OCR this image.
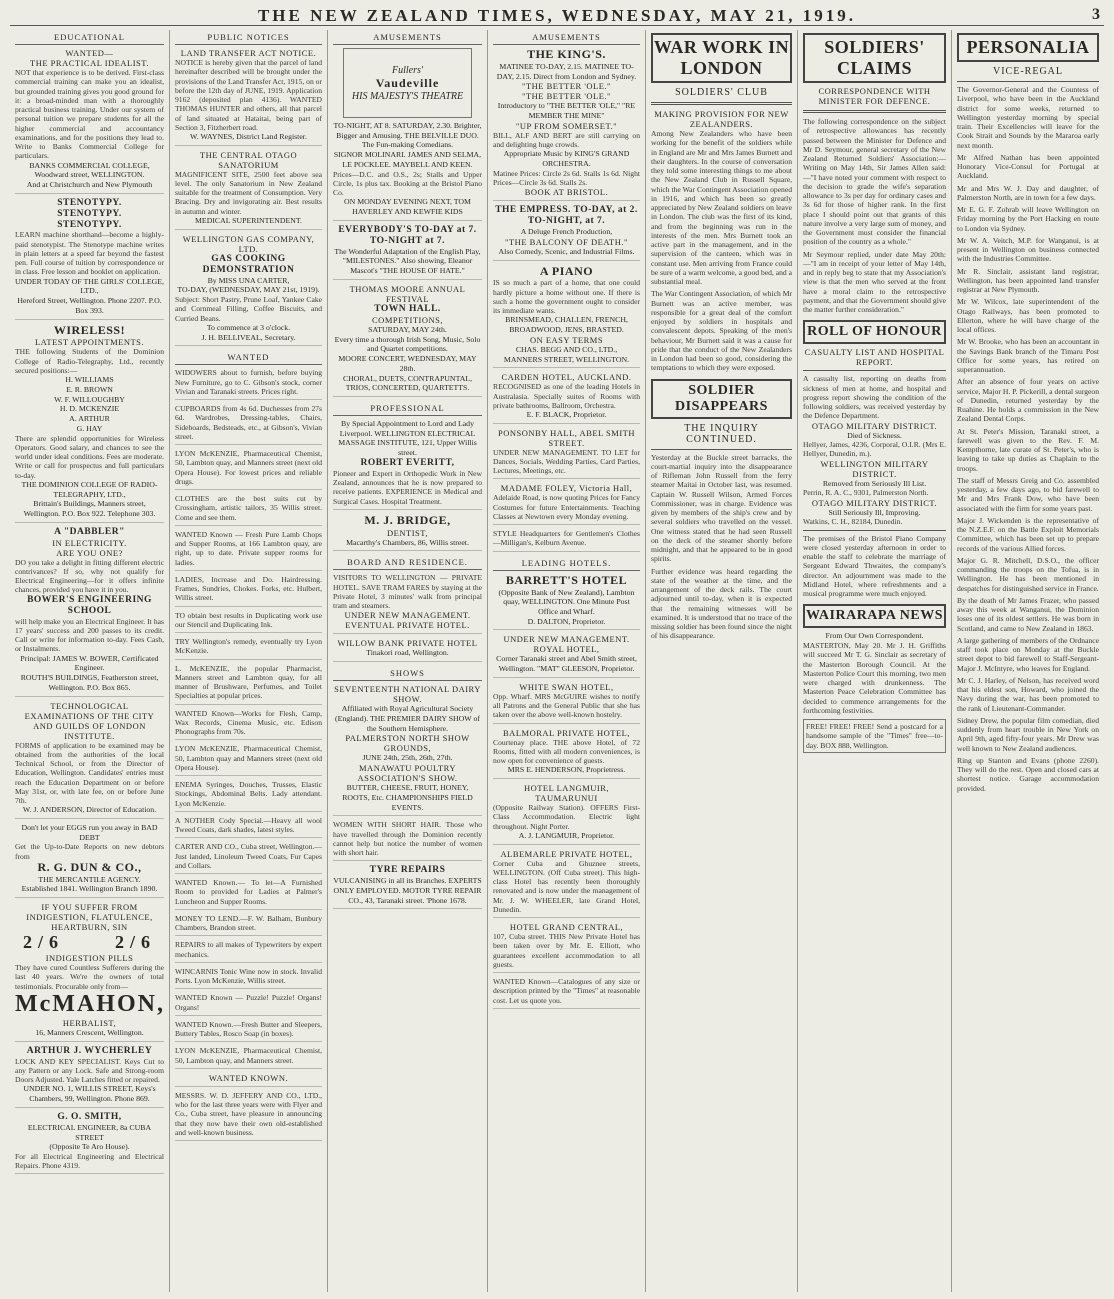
THE NEW ZEALAND TIMES, WEDNESDAY, MAY 21, 1919.	3
EDUCATIONAL
WANTED—
THE PRACTICAL IDEALIST.
NOT that experience is to be derived. First-class commercial training can make you an idealist, but grounded training gives you good ground for it: a broad-minded man with a thoroughly practical business training. Under our system of personal tuition we prepare students for all the higher commercial and accountancy examinations, and for the positions they lead to. Write to Banks Commercial College for particulars.
BANKS COMMERCIAL COLLEGE,
Woodward street, WELLINGTON.
And at Christchurch and New Plymouth
STENOTYPY.
STENOTYPY.
STENOTYPY.
LEARN machine shorthand—become a highly-paid stenotypist. The Stenotype machine writes in plain letters at a speed far beyond the fastest pen. Full course of tuition by correspondence or in class. Free lesson and booklet on application.
UNDER TODAY OF THE GIRLS' COLLEGE, LTD.,
Hereford Street, Wellington. Phone 2207. P.O. Box 393.
WIRELESS!
LATEST APPOINTMENTS.
THE following Students of the Dominion College of Radio-Telegraphy, Ltd., recently secured positions:—
H. WILLIAMS
E. R. BROWN
W. F. WILLOUGHBY
H. D. MCKENZIE
A. ARTHUR
G. HAY
There are splendid opportunities for Wireless Operators. Good salary, and chances to see the world under ideal conditions. Fees are moderate. Write or call for prospectus and full particulars to-day.
THE DOMINION COLLEGE OF RADIO-TELEGRAPHY, LTD.,
Brittain's Buildings, Manners street, Wellington. P.O. Box 922. Telephone 303.
A "DABBLER"
IN ELECTRICITY.
ARE YOU ONE?
DO you take a delight in fitting different electric contrivances? If so, why not qualify for Electrical Engineering—for it offers infinite chances, provided you have it in you.
BOWER'S ENGINEERING SCHOOL
will help make you an Electrical Engineer. It has 17 years' success and 200 passes to its credit. Call or write for information to-day. Fees Cash, or Instalments.
Principal: JAMES W. BOWER, Certificated Engineer.
ROUTH'S BUILDINGS, Featherston street, Wellington. P.O. Box 865.
TECHNOLOGICAL EXAMINATIONS OF THE CITY AND GUILDS OF LONDON INSTITUTE.
FORMS of application to be examined may be obtained from the authorities of the local Technical School, or from the Director of Education, Wellington. Candidates' entries must reach the Education Department on or before May 31st, or, with late fee, on or before June 7th.
W. J. ANDERSON, Director of Education.
Don't let your EGGS run you away in BAD DEBT
Get the Up-to-Date Reports on new debtors from
R. G. DUN & CO.,
THE MERCANTILE AGENCY.
Established 1841. Wellington Branch 1890.
IF YOU SUFFER FROM INDIGESTION, FLATULENCE, HEARTBURN, SIN
2/6	2/6
INDIGESTION PILLS
They have cured Countless Sufferers during the last 40 years. We're the owners of total testimonials. Procurable only from—
McMAHON,
HERBALIST,
16, Manners Crescent, Wellington.
ARTHUR J. WYCHERLEY
LOCK AND KEY SPECIALIST. Keys Cut to any Pattern or any Lock. Safe and Strong-room Doors Adjusted. Yale Latches fitted or repaired.
UNDER NO. 1, WILLIS STREET, Keys's Chambers, 99, Wellington. Phone 869.
G. O. SMITH,
ELECTRICAL ENGINEER, 8a CUBA STREET
(Opposite Te Aro House).
For all Electrical Engineering and Electrical Repairs. Phone 4319.
PUBLIC NOTICES
LAND TRANSFER ACT NOTICE.
NOTICE is hereby given that the parcel of land hereinafter described will be brought under the provisions of the Land Transfer Act, 1915, on or before the 12th day of JUNE, 1919. Application 9162 (deposited plan 4136). WANTED THOMAS HUNTER and others, all that parcel of land situated at Hataitai, being part of Section 3, Fitzherbert road.
W. WAYNES, District Land Register.
THE CENTRAL OTAGO SANATORIUM
MAGNIFICENT SITE, 2500 feet above sea level. The only Sanatorium in New Zealand suitable for the treatment of Consumption. Very Bracing. Dry and invigorating air. Best results in autumn and winter.
MEDICAL SUPERINTENDENT.
WELLINGTON GAS COMPANY, LTD.
GAS COOKING DEMONSTRATION
By MISS UNA CARTER,
TO-DAY, (WEDNESDAY, MAY 21st, 1919).
Subject: Short Pastry, Prune Loaf, Yankee Cake and Cornmeal Filling, Coffee Biscuits, and Curried Beans.
To commence at 3 o'clock.
J. H. BELLIVEAL, Secretary.
WANTED
WIDOWERS about to furnish, before buying New Furniture, go to C. Gibson's stock, corner Vivian and Taranaki streets. Prices right.
CUPBOARDS from 4s 6d. Duchesses from 27s 6d. Wardrobes, Dressing-tables, Chairs, Sideboards, Bedsteads, etc., at Gibson's, Vivian street.
LYON McKENZIE, Pharmaceutical Chemist, 50, Lambton quay, and Manners street (next old Opera House). For lowest prices and reliable drugs.
CLOTHES are the best suits cut by Crossingham, artistic tailors, 35 Willis street. Come and see them.
WANTED Known — Fresh Pure Lamb Chops and Supper Rooms, at 166 Lambton quay, are right, up to date. Private supper rooms for ladies.
LADIES, Increase and Do. Hairdressing. Frames, Sundries, Chokes. Forks, etc. Hulbert, Willis street.
TO obtain best results in Duplicating work use our Stencil and Duplicating Ink.
TRY Wellington's remedy, eventually try Lyon McKenzie.
L. McKENZIE, the popular Pharmacist, Manners street and Lambton quay, for all manner of Brushware, Perfumes, and Toilet Specialties at popular prices.
WANTED Known—Works for Flesh, Camp, Wax Records, Cinema Music, etc. Edison Phonographs from 70s.
LYON McKENZIE, Pharmaceutical Chemist, 50, Lambton quay and Manners street (next old Opera House).
ENEMA Syringes, Douches, Trusses, Elastic Stockings, Abdominal Belts. Lady attendant. Lyon McKenzie.
A NOTHER Cody Special.—Heavy all wool Tweed Coats, dark shades, latest styles.
CARTER AND CO., Cuba street, Wellington.—Just landed, Linoleum Tweed Coats, Fur Capes and Collars.
WANTED Known.— To let—A Furnished Room to provided for Ladies at Palmer's Luncheon and Supper Rooms.
MONEY TO LEND.—F. W. Balham, Bunbury Chambers, Brandon street.
REPAIRS to all makes of Typewriters by expert mechanics.
WINCARNIS Tonic Wine now in stock. Invalid Ports. Lyon McKenzie, Willis street.
WANTED Known — Puzzle! Puzzle! Organs! Organs!
WANTED Known.—Fresh Butter and Sleepers, Buttery Tables, Rosco Soap (in boxes).
LYON McKENZIE, Pharmaceutical Chemist, 50, Lambton quay, and Manners street.
WANTED KNOWN.
MESSRS. W. D. JEFFERY AND CO., LTD., who for the last three years were with Flyer and Co., Cuba street, have pleasure in announcing that they now have their own old-established and well-known business.
AMUSEMENTS
Fullers'
Vaudeville
HIS MAJESTY'S THEATRE
TO-NIGHT, AT 8. SATURDAY, 2.30. Brighter, Bigger and Amusing. THE BELVILLE DUO. The Fun-making Comedians.
SIGNOR MOLINARI. JAMES AND SELMA, LE POCKLEE. MAYBELL AND KEEN.
Prices—D.C. and O.S., 2s; Stalls and Upper Circle, 1s plus tax. Booking at the Bristol Piano Co.
ON MONDAY EVENING NEXT, TOM HAVERLEY AND KEWFIE KIDS
EVERYBODY'S TO-DAY at 7. TO-NIGHT at 7.
The Wonderful Adaptation of the English Play, "MILESTONES." Also showing, Eleanor Mascot's "THE HOUSE OF HATE."
THOMAS MOORE ANNUAL FESTIVAL
TOWN HALL.
COMPETITIONS,
SATURDAY, MAY 24th.
Every time a thorough Irish Song, Music, Solo and Quartet competitions.
MOORE CONCERT, WEDNESDAY, MAY 28th.
CHORAL, DUETS, CONTRAPUNTAL, TRIOS, CONCERTED, QUARTETTS.
PROFESSIONAL
By Special Appointment to Lord and Lady Liverpool. WELLINGTON ELECTRICAL MASSAGE INSTITUTE, 121, Upper Willis street.
ROBERT EVERITT,
Pioneer and Expert in Orthopedic Work in New Zealand, announces that he is now prepared to receive patients. EXPERIENCE in Medical and Surgical Cases. Hospital Treatment.
M. J. BRIDGE,
DENTIST,
Macarthy's Chambers, 86, Willis street.
BOARD AND RESIDENCE.
VISITORS TO WELLINGTON — PRIVATE HOTEL. SAVE TRAM FARES by staying at the Private Hotel, 3 minutes' walk from principal tram and steamers.
UNDER NEW MANAGEMENT.
EVENTUAL PRIVATE HOTEL.
WILLOW BANK PRIVATE HOTEL
Tinakori road, Wellington.
SHOWS
SEVENTEENTH NATIONAL DAIRY SHOW.
Affiliated with Royal Agricultural Society (England). THE PREMIER DAIRY SHOW of the Southern Hemisphere.
PALMERSTON NORTH SHOW GROUNDS,
JUNE 24th, 25th, 26th, 27th.
MANAWATU POULTRY ASSOCIATION'S SHOW.
BUTTER, CHEESE, FRUIT, HONEY, ROOTS, Etc. CHAMPIONSHIPS FIELD EVENTS.
WOMEN WITH SHORT HAIR. Those who have travelled through the Dominion recently cannot help but notice the number of women with short hair.
TYRE REPAIRS
VULCANISING in all its Branches. EXPERTS ONLY EMPLOYED. MOTOR TYRE REPAIR CO., 43, Taranaki street. 'Phone 1678.
AMUSEMENTS
THE KING'S.
MATINEE TO-DAY, 2.15. MATINEE TO-DAY, 2.15. Direct from London and Sydney.
"THE BETTER 'OLE."
"THE BETTER 'OLE."
Introductory to "THE BETTER 'OLE," "RE MEMBER THE MINE"
"UP FROM SOMERSET."
BILL, ALF AND BERT are still carrying on and delighting huge crowds.
Appropriate Music by KING'S GRAND ORCHESTRA.
Matinee Prices: Circle 2s 6d. Stalls 1s 6d. Night Prices—Circle 3s 6d. Stalls 2s.
BOOK AT BRISTOL.
THE EMPRESS. TO-DAY, at 2. TO-NIGHT, at 7.
A Deluge French Production,
"THE BALCONY OF DEATH."
Also Comedy, Scenic, and Industrial Films.
A PIANO
IS so much a part of a home, that one could hardly picture a home without one. If there is such a home the government ought to consider its immediate wants.
BRINSMEAD, CHALLEN, FRENCH, BROADWOOD, JENS, BRASTED.
ON EASY TERMS
CHAS. BEGG AND CO., LTD.,
MANNERS STREET, WELLINGTON.
CARDEN HOTEL, AUCKLAND.
RECOGNISED as one of the leading Hotels in Australasia. Specially suites of Rooms with private bathrooms, Ballroom, Orchestra.
E. F. BLACK, Proprietor.
PONSONBY HALL, ABEL SMITH STREET.
UNDER NEW MANAGEMENT. TO LET for Dances, Socials, Wedding Parties, Card Parties, Lectures, Meetings, etc.
MADAME FOLEY, Victoria Hall,
Adelaide Road, is now quoting Prices for Fancy Costumes for future Entertainments. Teaching Classes at Newtown every Monday evening.
STYLE Headquarters for Gentlemen's Clothes—Milligan's, Kelburn Avenue.
LEADING HOTELS.
BARRETT'S HOTEL
(Opposite Bank of New Zealand), Lambton quay, WELLINGTON. One Minute Post Office and Wharf.
D. DALTON, Proprietor.
UNDER NEW MANAGEMENT. ROYAL HOTEL,
Corner Taranaki street and Abel Smith street, Wellington. "MAT" GLEESON, Proprietor.
WHITE SWAN HOTEL,
Opp. Wharf. MRS McGUIRE wishes to notify all Patrons and the General Public that she has taken over the above well-known hostelry.
BALMORAL PRIVATE HOTEL,
Courtenay place. THE above Hotel, of 72 Rooms, fitted with all modern conveniences, is now open for convenience of guests.
MRS E. HENDERSON, Proprietress.
HOTEL LANGMUIR, TAUMARUNUI
(Opposite Railway Station). OFFERS First-Class Accommodation. Electric light throughout. Night Porter.
A. J. LANGMUIR, Proprietor.
ALBEMARLE PRIVATE HOTEL,
Corner Cuba and Ghuznee streets, WELLINGTON. (Off Cuba street). This high-class Hotel has recently been thoroughly renovated and is now under the management of Mr. J. W. WHEELER, late Grand Hotel, Dunedin.
HOTEL GRAND CENTRAL,
107, Cuba street. THIS New Private Hotel has been taken over by Mr. E. Elliott, who guarantees excellent accommodation to all guests.
WANTED Known—Catalogues of any size or description printed by the "Times" at reasonable cost. Let us quote you.
WAR WORK IN LONDON
SOLDIERS' CLUB
MAKING PROVISION FOR NEW ZEALANDERS.
Among New Zealanders who have been working for the benefit of the soldiers while in England are Mr and Mrs James Burnett and their daughters. In the course of conversation they told some interesting things to me about the New Zealand Club in Russell Square, which the War Contingent Association opened in 1916, and which has been so greatly appreciated by New Zealand soldiers on leave in London. The club was the first of its kind, and from the beginning was run in the interests of the men. Mrs Burnett took an active part in the management, and in the supervision of the canteen, which was in constant use. Men arriving from France could be sure of a warm welcome, a good bed, and a substantial meal.
The War Contingent Association, of which Mr Burnett was an active member, was responsible for a great deal of the comfort enjoyed by soldiers in hospitals and convalescent depots. Speaking of the men's behaviour, Mr Burnett said it was a cause for pride that the conduct of the New Zealanders in London had been so good, considering the temptations to which they were exposed.
SOLDIER DISAPPEARS
THE INQUIRY CONTINUED.
Yesterday at the Buckle street barracks, the court-martial inquiry into the disappearance of Rifleman John Russell from the ferry steamer Maitai in October last, was resumed. Captain W. Russell Wilson, Armed Forces Commissioner, was in charge. Evidence was given by members of the ship's crew and by several soldiers who travelled on the vessel. One witness stated that he had seen Russell on the deck of the steamer shortly before midnight, and that he appeared to be in good spirits.
Further evidence was heard regarding the state of the weather at the time, and the arrangement of the deck rails. The court adjourned until to-day, when it is expected that the remaining witnesses will be examined. It is understood that no trace of the missing soldier has been found since the night of his disappearance.
SOLDIERS' CLAIMS
CORRESPONDENCE WITH MINISTER FOR DEFENCE.
The following correspondence on the subject of retrospective allowances has recently passed between the Minister for Defence and Mr D. Seymour, general secretary of the New Zealand Returned Soldiers' Association:— Writing on May 14th, Sir James Allen said:—"I have noted your comment with respect to the decision to grade the wife's separation allowance to 3s per day for ordinary cases and 3s 6d for those of higher rank. In the first place I should point out that grants of this nature involve a very large sum of money, and the Government must consider the financial position of the country as a whole."
Mr Seymour replied, under date May 20th:—"I am in receipt of your letter of May 14th, and in reply beg to state that my Association's view is that the men who served at the front have a moral claim to the retrospective payment, and that the Government should give the matter further consideration."
ROLL OF HONOUR
CASUALTY LIST AND HOSPITAL REPORT.
A casualty list, reporting on deaths from sickness of men at home, and hospital and progress report showing the condition of the following soldiers, was received yesterday by the Defence Department.
OTAGO MILITARY DISTRICT.
Died of Sickness.
Hellyer, James, 4236, Corporal, O.I.R. (Mrs E. Hellyer, Dunedin, m.).
WELLINGTON MILITARY DISTRICT.
Removed from Seriously Ill List.
Perrin, R. A. C., 9301, Palmerston North.
OTAGO MILITARY DISTRICT.
Still Seriously Ill, Improving.
Watkins, C. H., 82184, Dunedin.
The premises of the Bristol Piano Company were closed yesterday afternoon in order to enable the staff to celebrate the marriage of Sergeant Edward Thwaites, the company's director. An adjournment was made to the Midland Hotel, where refreshments and a musical programme were much enjoyed.
WAIRARAPA NEWS
From Our Own Correspondent.
MASTERTON, May 20. Mr J. H. Griffiths will succeed Mr T. G. Sinclair as secretary of the Masterton Borough Council. At the Masterton Police Court this morning, two men were charged with drunkenness. The Masterton Peace Celebration Committee has decided to commence arrangements for the forthcoming festivities.
FREE! FREE! FREE! Send a postcard for a handsome sample of the "Times" free—to-day. BOX 888, Wellington.
PERSONALIA
VICE-REGAL
The Governor-General and the Countess of Liverpool, who have been in the Auckland district for some weeks, returned to Wellington yesterday morning by special train. Their Excellencies will leave for the Cook Strait and Sounds by the Mararoa early next month.
Mr Alfred Nathan has been appointed Honorary Vice-Consul for Portugal at Auckland.
Mr and Mrs W. J. Day and daughter, of Palmerston North, are in town for a few days.
Mr E. G. F. Zohrab will leave Wellington on Friday morning by the Port Hacking en route to London via Sydney.
Mr W. A. Veitch, M.P. for Wanganui, is at present in Wellington on business connected with the Industries Committee.
Mr R. Sinclair, assistant land registrar, Wellington, has been appointed land transfer registrar at New Plymouth.
Mr W. Wilcox, late superintendent of the Otago Railways, has been promoted to Ellerton, where he will have charge of the local offices.
Mr W. Brooke, who has been an accountant in the Savings Bank branch of the Timaru Post Office for some years, has retired on superannuation.
After an absence of four years on active service, Major H. P. Pickerill, a dental surgeon of Dunedin, returned yesterday by the Ruahine. He holds a commission in the New Zealand Dental Corps.
At St. Peter's Mission, Taranaki street, a farewell was given to the Rev. F. M. Kempthorne, late curate of St. Peter's, who is leaving to take up duties as Chaplain to the troops.
The staff of Messrs Greig and Co. assembled yesterday, a few days ago, to bid farewell to Mr and Mrs Frank Dow, who have been associated with the firm for some years past.
Major J. Wickenden is the representative of the N.Z.E.F. on the Battle Exploit Memorials Committee, which has been set up to prepare records of the various Allied forces.
Major G. R. Mitchell, D.S.O., the officer commanding the troops on the Tofua, is in Wellington. He has been mentioned in despatches for distinguished service in France.
By the death of Mr James Frazer, who passed away this week at Wanganui, the Dominion loses one of its oldest settlers. He was born in Scotland, and came to New Zealand in 1863.
A large gathering of members of the Ordnance staff took place on Monday at the Buckle street depot to bid farewell to Staff-Sergeant-Major J. McIntyre, who leaves for England.
Mr C. J. Harley, of Nelson, has received word that his eldest son, Howard, who joined the Navy during the war, has been promoted to the rank of Lieutenant-Commander.
Sidney Drew, the popular film comedian, died suddenly from heart trouble in New York on April 9th, aged fifty-four years. Mr Drew was well known to New Zealand audiences.
Ring up Stanton and Evans (phone 2260). They will do the rest. Open and closed cars at shortest notice. Garage accommodation provided.
